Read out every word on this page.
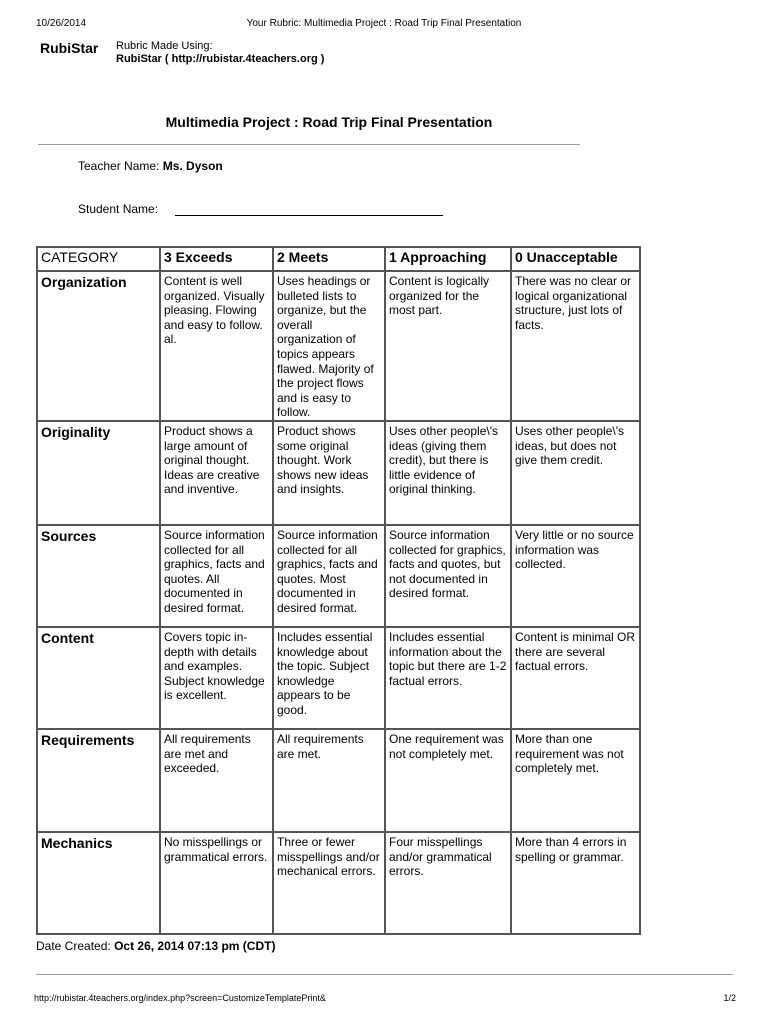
10/26/2014	Your Rubric: Multimedia Project : Road Trip Final Presentation
RubiStar Rubric Made Using:
RubiStar ( http://rubistar.4teachers.org )
Multimedia Project : Road Trip Final Presentation
Teacher Name: Ms. Dyson
Student Name:
CATEGORY	3 Exceeds	2 Meets	1 Approaching	0 Unacceptable
Organization	Content is well organized. Visually pleasing. Flowing and easy to follow. al.	Uses headings or bulleted lists to organize, but the overall organization of topics appears flawed. Majority of the project flows and is easy to follow.	Content is logically organized for the most part.	There was no clear or logical organizational structure, just lots of facts.
Originality	Product shows a large amount of original thought. Ideas are creative and inventive.	Product shows some original thought. Work shows new ideas and insights.	Uses other people\'s ideas (giving them credit), but there is little evidence of original thinking.	Uses other people\'s ideas, but does not give them credit.
Sources	Source information collected for all graphics, facts and quotes. All documented in desired format.	Source information collected for all graphics, facts and quotes. Most documented in desired format.	Source information collected for graphics, facts and quotes, but not documented in desired format.	Very little or no source information was collected.
Content	Covers topic in-depth with details and examples. Subject knowledge is excellent.	Includes essential knowledge about the topic. Subject knowledge appears to be good.	Includes essential information about the topic but there are 1-2 factual errors.	Content is minimal OR there are several factual errors.
Requirements	All requirements are met and exceeded.	All requirements are met.	One requirement was not completely met.	More than one requirement was not completely met.
Mechanics	No misspellings or grammatical errors.	Three or fewer misspellings and/or mechanical errors.	Four misspellings and/or grammatical errors.	More than 4 errors in spelling or grammar.
Date Created: Oct 26, 2014 07:13 pm (CDT)
http://rubistar.4teachers.org/index.php?screen=CustomizeTemplatePrint&	1/2
